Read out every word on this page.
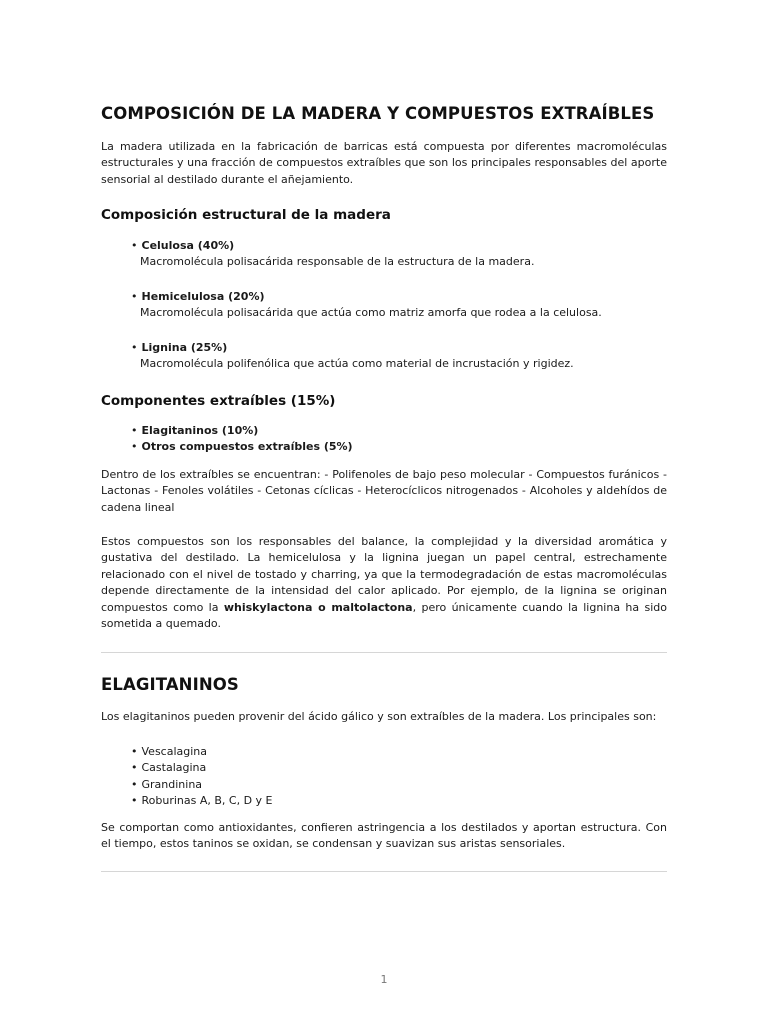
COMPOSICIÓN DE LA MADERA Y COMPUESTOS EXTRAÍBLES

La madera utilizada en la fabricación de barricas está compuesta por diferentes macromoléculas estructurales y una fracción de compuestos extraíbles que son los principales responsables del aporte sensorial al destilado durante el añejamiento.

Composición estructural de la madera
• Celulosa (40%)
Macromolécula polisacárida responsable de la estructura de la madera.
• Hemicelulosa (20%)
Macromolécula polisacárida que actúa como matriz amorfa que rodea a la celulosa.
• Lignina (25%)
Macromolécula polifenólica que actúa como material de incrustación y rigidez.
Componentes extraíbles (15%)
• Elagitaninos (10%)
• Otros compuestos extraíbles (5%)

Dentro de los extraíbles se encuentran: - Polifenoles de bajo peso molecular - Compuestos furánicos - Lactonas - Fenoles volátiles - Cetonas cíclicas - Heterocíclicos nitrogenados - Alcoholes y aldehídos de cadena lineal

Estos compuestos son los responsables del balance, la complejidad y la diversidad aromática y gustativa del destilado. La hemicelulosa y la lignina juegan un papel central, estrechamente relacionado con el nivel de tostado y charring, ya que la termodegradación de estas macromoléculas depende directamente de la intensidad del calor aplicado. Por ejemplo, de la lignina se originan compuestos como la whiskylactona o maltolactona, pero únicamente cuando la lignina ha sido sometida a quemado.

ELAGITANINOS

Los elagitaninos pueden provenir del ácido gálico y son extraíbles de la madera. Los principales son:

• Vescalagina
• Castalagina
• Grandinina
• Roburinas A, B, C, D y E

Se comportan como antioxidantes, confieren astringencia a los destilados y aportan estructura. Con el tiempo, estos taninos se oxidan, se condensan y suavizan sus aristas sensoriales.

1
